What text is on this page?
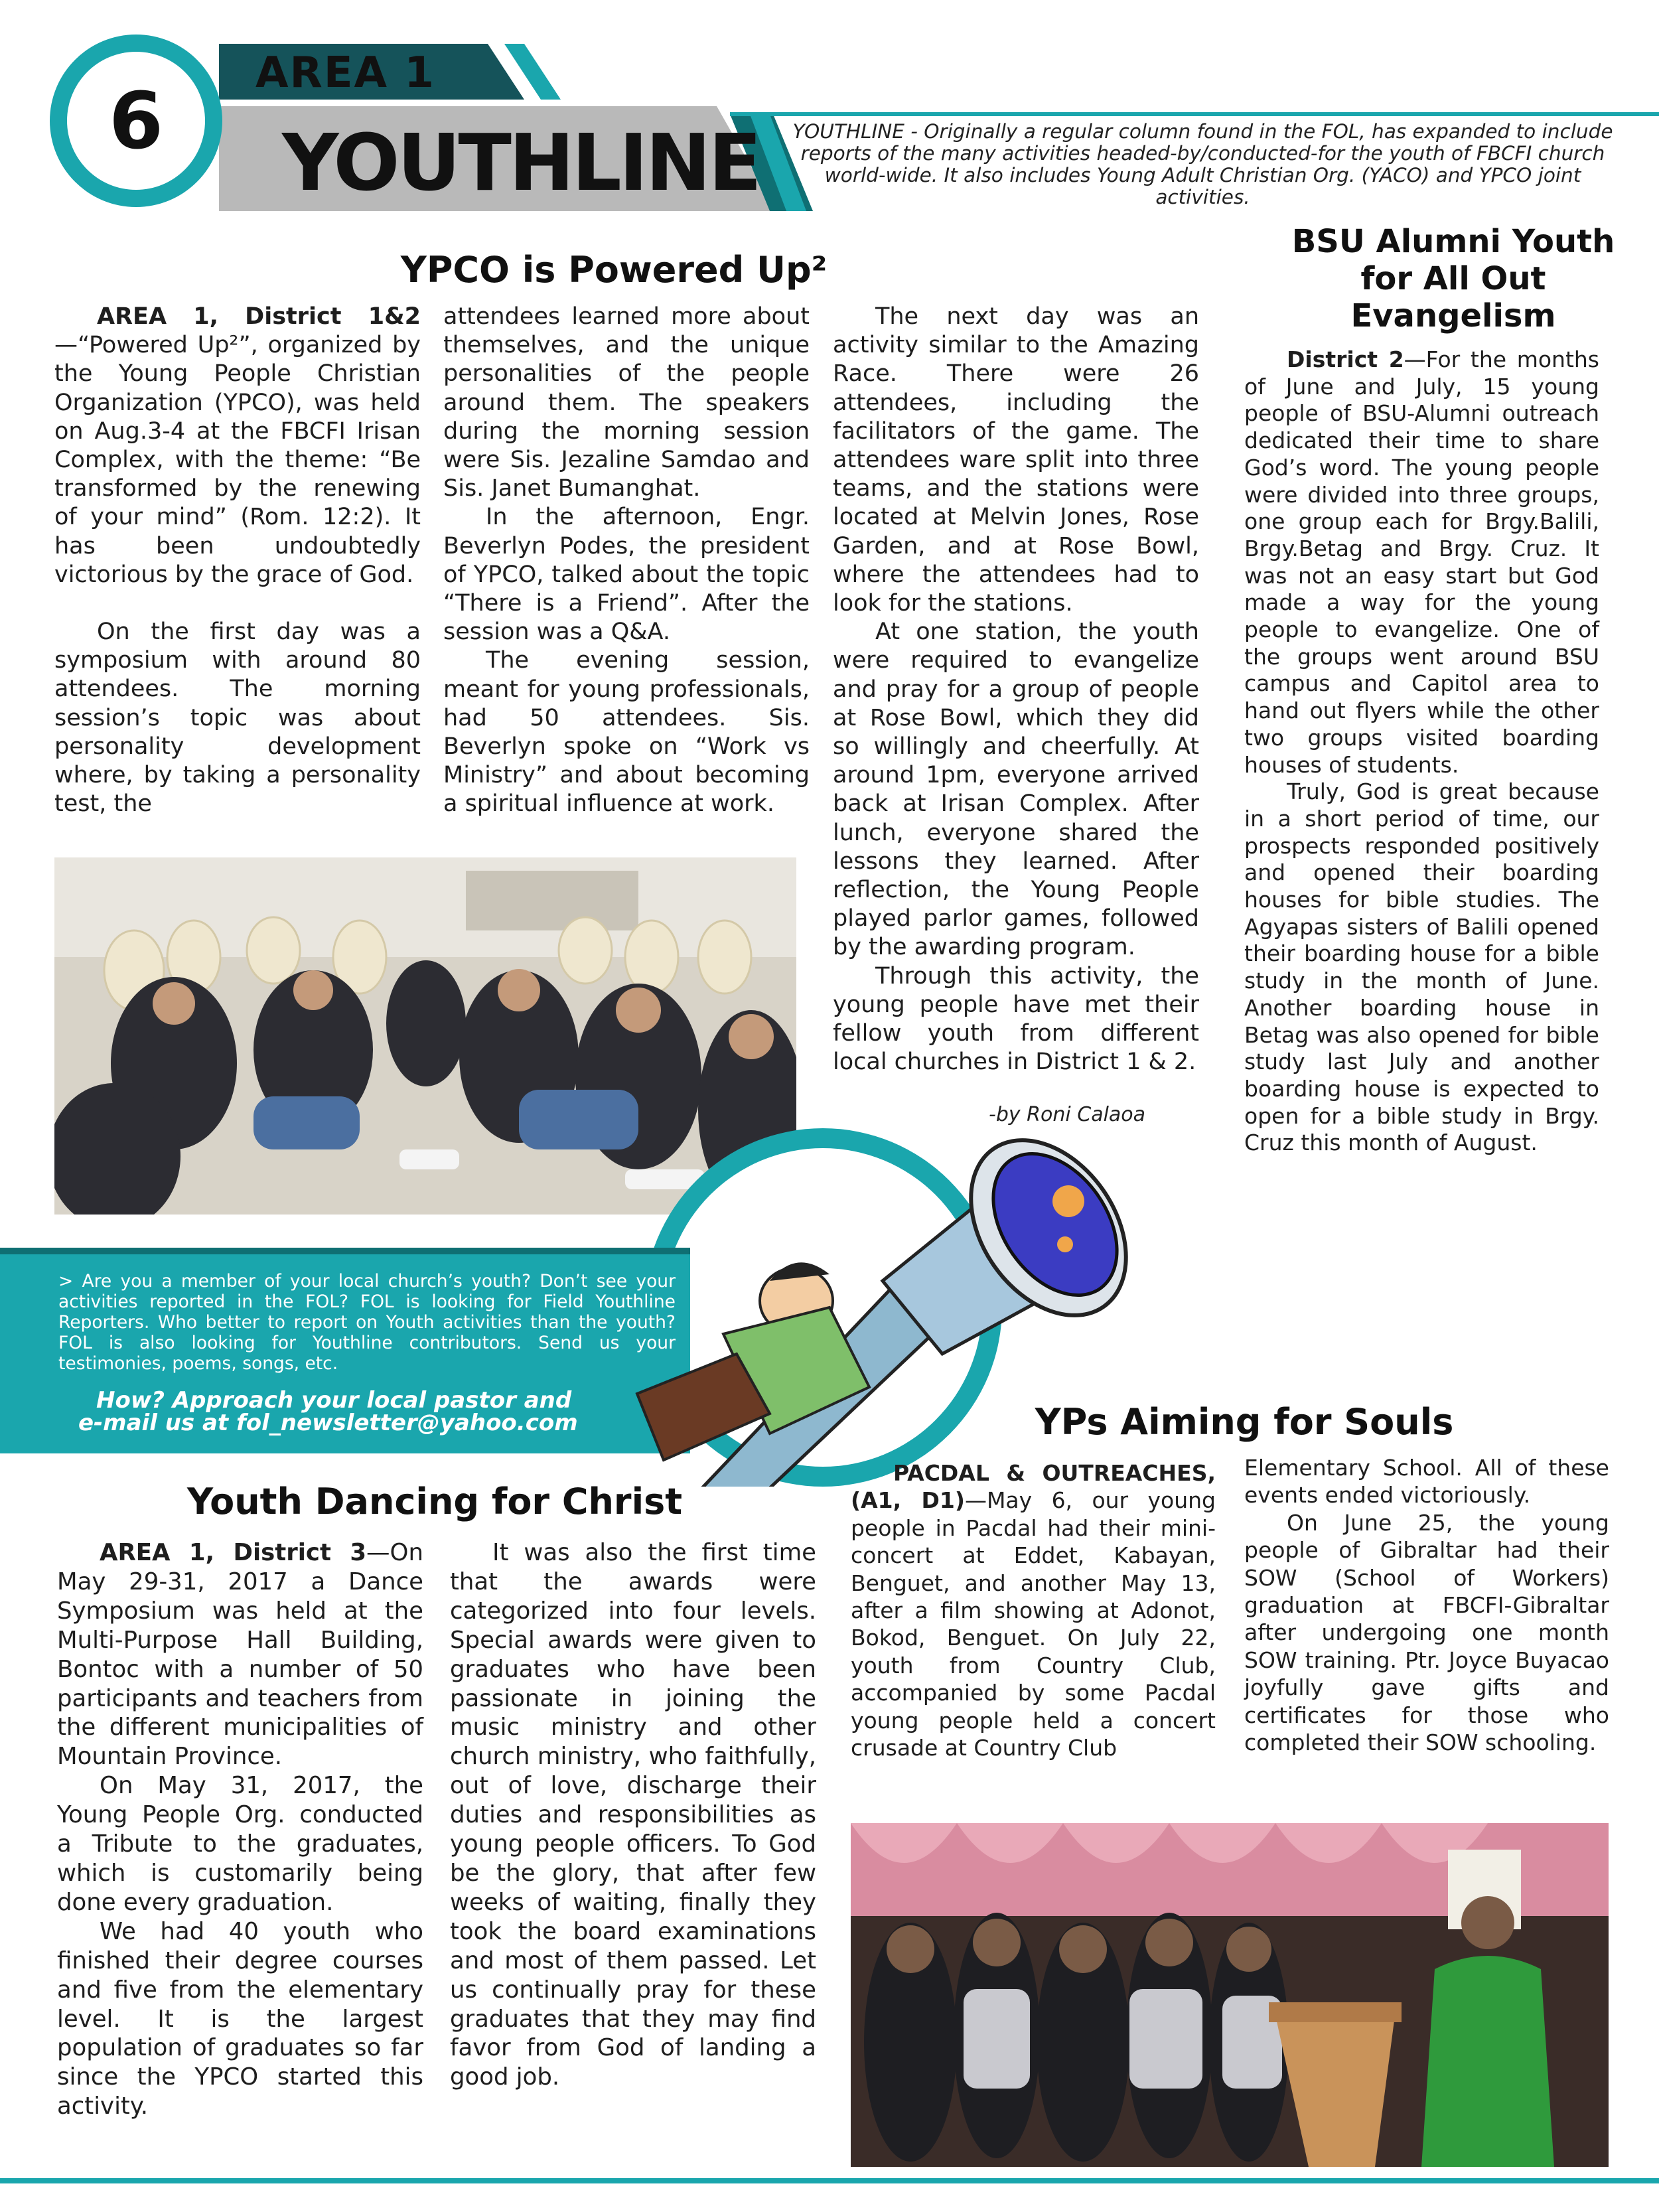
6
AREA 1
YOUTHLINE	YOUTHLINE - Originally a regular column found in the FOL, has expanded to include reports of the many activities headed-by/conducted-for the youth of FBCFI church world-wide. It also includes Young Adult Christian Org. (YACO) and YPCO joint activities.
YPCO is Powered Up²

AREA 1, District 1&2—“Powered Up²”, organized by the Young People Christian Organization (YPCO), was held on Aug.3-4 at the FBCFI Irisan Complex, with the theme: “Be transformed by the renewing of your mind” (Rom. 12:2). It has been undoubtedly victorious by the grace of God.

On the first day was a symposium with around 80 attendees. The morning session’s topic was about personality development where, by taking a personality test, the

attendees learned more about themselves, and the unique personalities of the people around them. The speakers during the morning session were Sis. Jezaline Samdao and Sis. Janet Bumanghat.

In the afternoon, Engr. Beverlyn Podes, the president of YPCO, talked about the topic “There is a Friend”. After the session was a Q&A.

The evening session, meant for young professionals, had 50 attendees. Sis. Beverlyn spoke on “Work vs Ministry” and about becoming a spiritual influence at work.

The next day was an activity similar to the Amazing Race. There were 26 attendees, including the facilitators of the game. The attendees ware split into three teams, and the stations were located at Melvin Jones, Rose Garden, and at Rose Bowl, where the attendees had to look for the stations.

At one station, the youth were required to evangelize and pray for a group of people at Rose Bowl, which they did so willingly and cheerfully. At around 1pm, everyone arrived back at Irisan Complex. After lunch, everyone shared the lessons they learned. After reflection, the Young People played parlor games, followed by the awarding program.

Through this activity, the young people have met their fellow youth from different local churches in District 1 & 2.

-by Roni Calaoa
BSU Alumni Youth for All Out Evangelism

District 2—For the months of June and July, 15 young people of BSU-Alumni outreach dedicated their time to share God’s word. The young people were divided into three groups, one group each for Brgy.Balili, Brgy.Betag and Brgy. Cruz. It was not an easy start but God made a way for the young people to evangelize. One of the groups went around BSU campus and Capitol area to hand out flyers while the other two groups visited boarding houses of students.

Truly, God is great because in a short period of time, our prospects responded positively and opened their boarding houses for bible studies. The Agyapas sisters of Balili opened their boarding house for a bible study in the month of June. Another boarding house in Betag was also opened for bible study last July and another boarding house is expected to open for a bible study in Brgy. Cruz this month of August.

> Are you a member of your local church’s youth? Don’t see your activities reported in the FOL? FOL is looking for Field Youthline Reporters. Who better to report on Youth activities than the youth? FOL is also looking for Youthline contributors. Send us your testimonies, poems, songs, etc.
How? Approach your local pastor and
e-mail us at fol_newsletter@yahoo.com
Youth Dancing for Christ

AREA 1, District 3—On May 29-31, 2017 a Dance Symposium was held at the Multi-Purpose Hall Building, Bontoc with a number of 50 participants and teachers from the different municipalities of Mountain Province.

On May 31, 2017, the Young People Org. conducted a Tribute to the graduates, which is customarily being done every graduation.

We had 40 youth who finished their degree courses and five from the elementary level. It is the largest population of graduates so far since the YPCO started this activity.

It was also the first time that the awards were categorized into four levels. Special awards were given to graduates who have been passionate in joining the music ministry and other church ministry, who faithfully, out of love, discharge their duties and responsibilities as young people officers. To God be the glory, that after few weeks of waiting, finally they took the board examinations and most of them passed. Let us continually pray for these graduates that they may find favor from God of landing a good job.

YPs Aiming for Souls

PACDAL & OUTREACHES, (A1, D1)—May 6, our young people in Pacdal had their mini-concert at Eddet, Kabayan, Benguet, and another May 13, after a film showing at Adonot, Bokod, Benguet. On July 22, youth from Country Club, accompanied by some Pacdal young people held a concert crusade at Country Club

Elementary School. All of these events ended victoriously.

On June 25, the young people of Gibraltar had their SOW (School of Workers) graduation at FBCFI-Gibraltar after undergoing one month SOW training. Ptr. Joyce Buyacao joyfully gave gifts and certificates for those who completed their SOW schooling.
